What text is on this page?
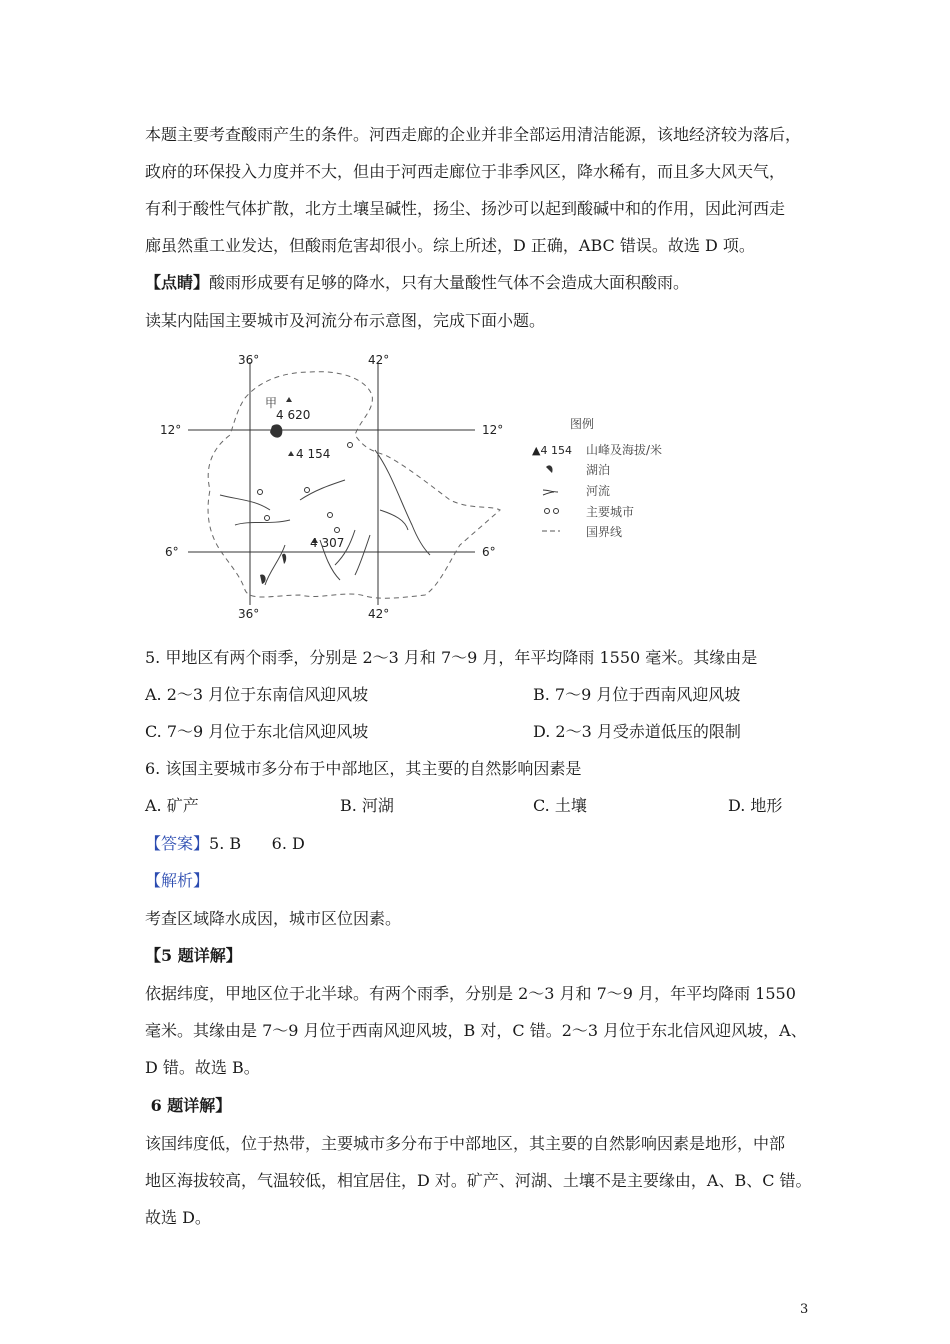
本题主要考查酸雨产生的条件。河西走廊的企业并非全部运用清洁能源，该地经济较为落后，
政府的环保投入力度并不大，但由于河西走廊位于非季风区，降水稀有，而且多大风天气，
有利于酸性气体扩散，北方土壤呈碱性，扬尘、扬沙可以起到酸碱中和的作用，因此河西走
廊虽然重工业发达，但酸雨危害却很小。综上所述，D 正确，ABC 错误。故选 D 项。
【点睛】酸雨形成要有足够的降水，只有大量酸性气体不会造成大面积酸雨。
读某内陆国主要城市及河流分布示意图，完成下面小题。
36°	42°
36°	42°
12°	12°
6°	6°
甲
4 620
4 154
4 307
图例
▲4 154 山峰及海拔/米
湖泊
河流
主要城市
国界线
5. 甲地区有两个雨季，分别是 2～3 月和 7～9 月，年平均降雨 1550 毫米。其缘由是
A. 2～3 月位于东南信风迎风坡	B. 7～9 月位于西南风迎风坡
C. 7～9 月位于东北信风迎风坡	D. 2～3 月受赤道低压的限制
6. 该国主要城市多分布于中部地区，其主要的自然影响因素是
A. 矿产	B. 河湖	C. 土壤	D. 地形
【答案】5. B      6. D
【解析】
考查区域降水成因，城市区位因素。
【5 题详解】
依据纬度，甲地区位于北半球。有两个雨季，分别是 2～3 月和 7～9 月，年平均降雨 1550
毫米。其缘由是 7～9 月位于西南风迎风坡，B 对，C 错。2～3 月位于东北信风迎风坡，A、
D 错。故选 B。
6 题详解】
该国纬度低，位于热带，主要城市多分布于中部地区，其主要的自然影响因素是地形，中部
地区海拔较高，气温较低，相宜居住，D 对。矿产、河湖、土壤不是主要缘由，A、B、C 错。
故选 D。
3
